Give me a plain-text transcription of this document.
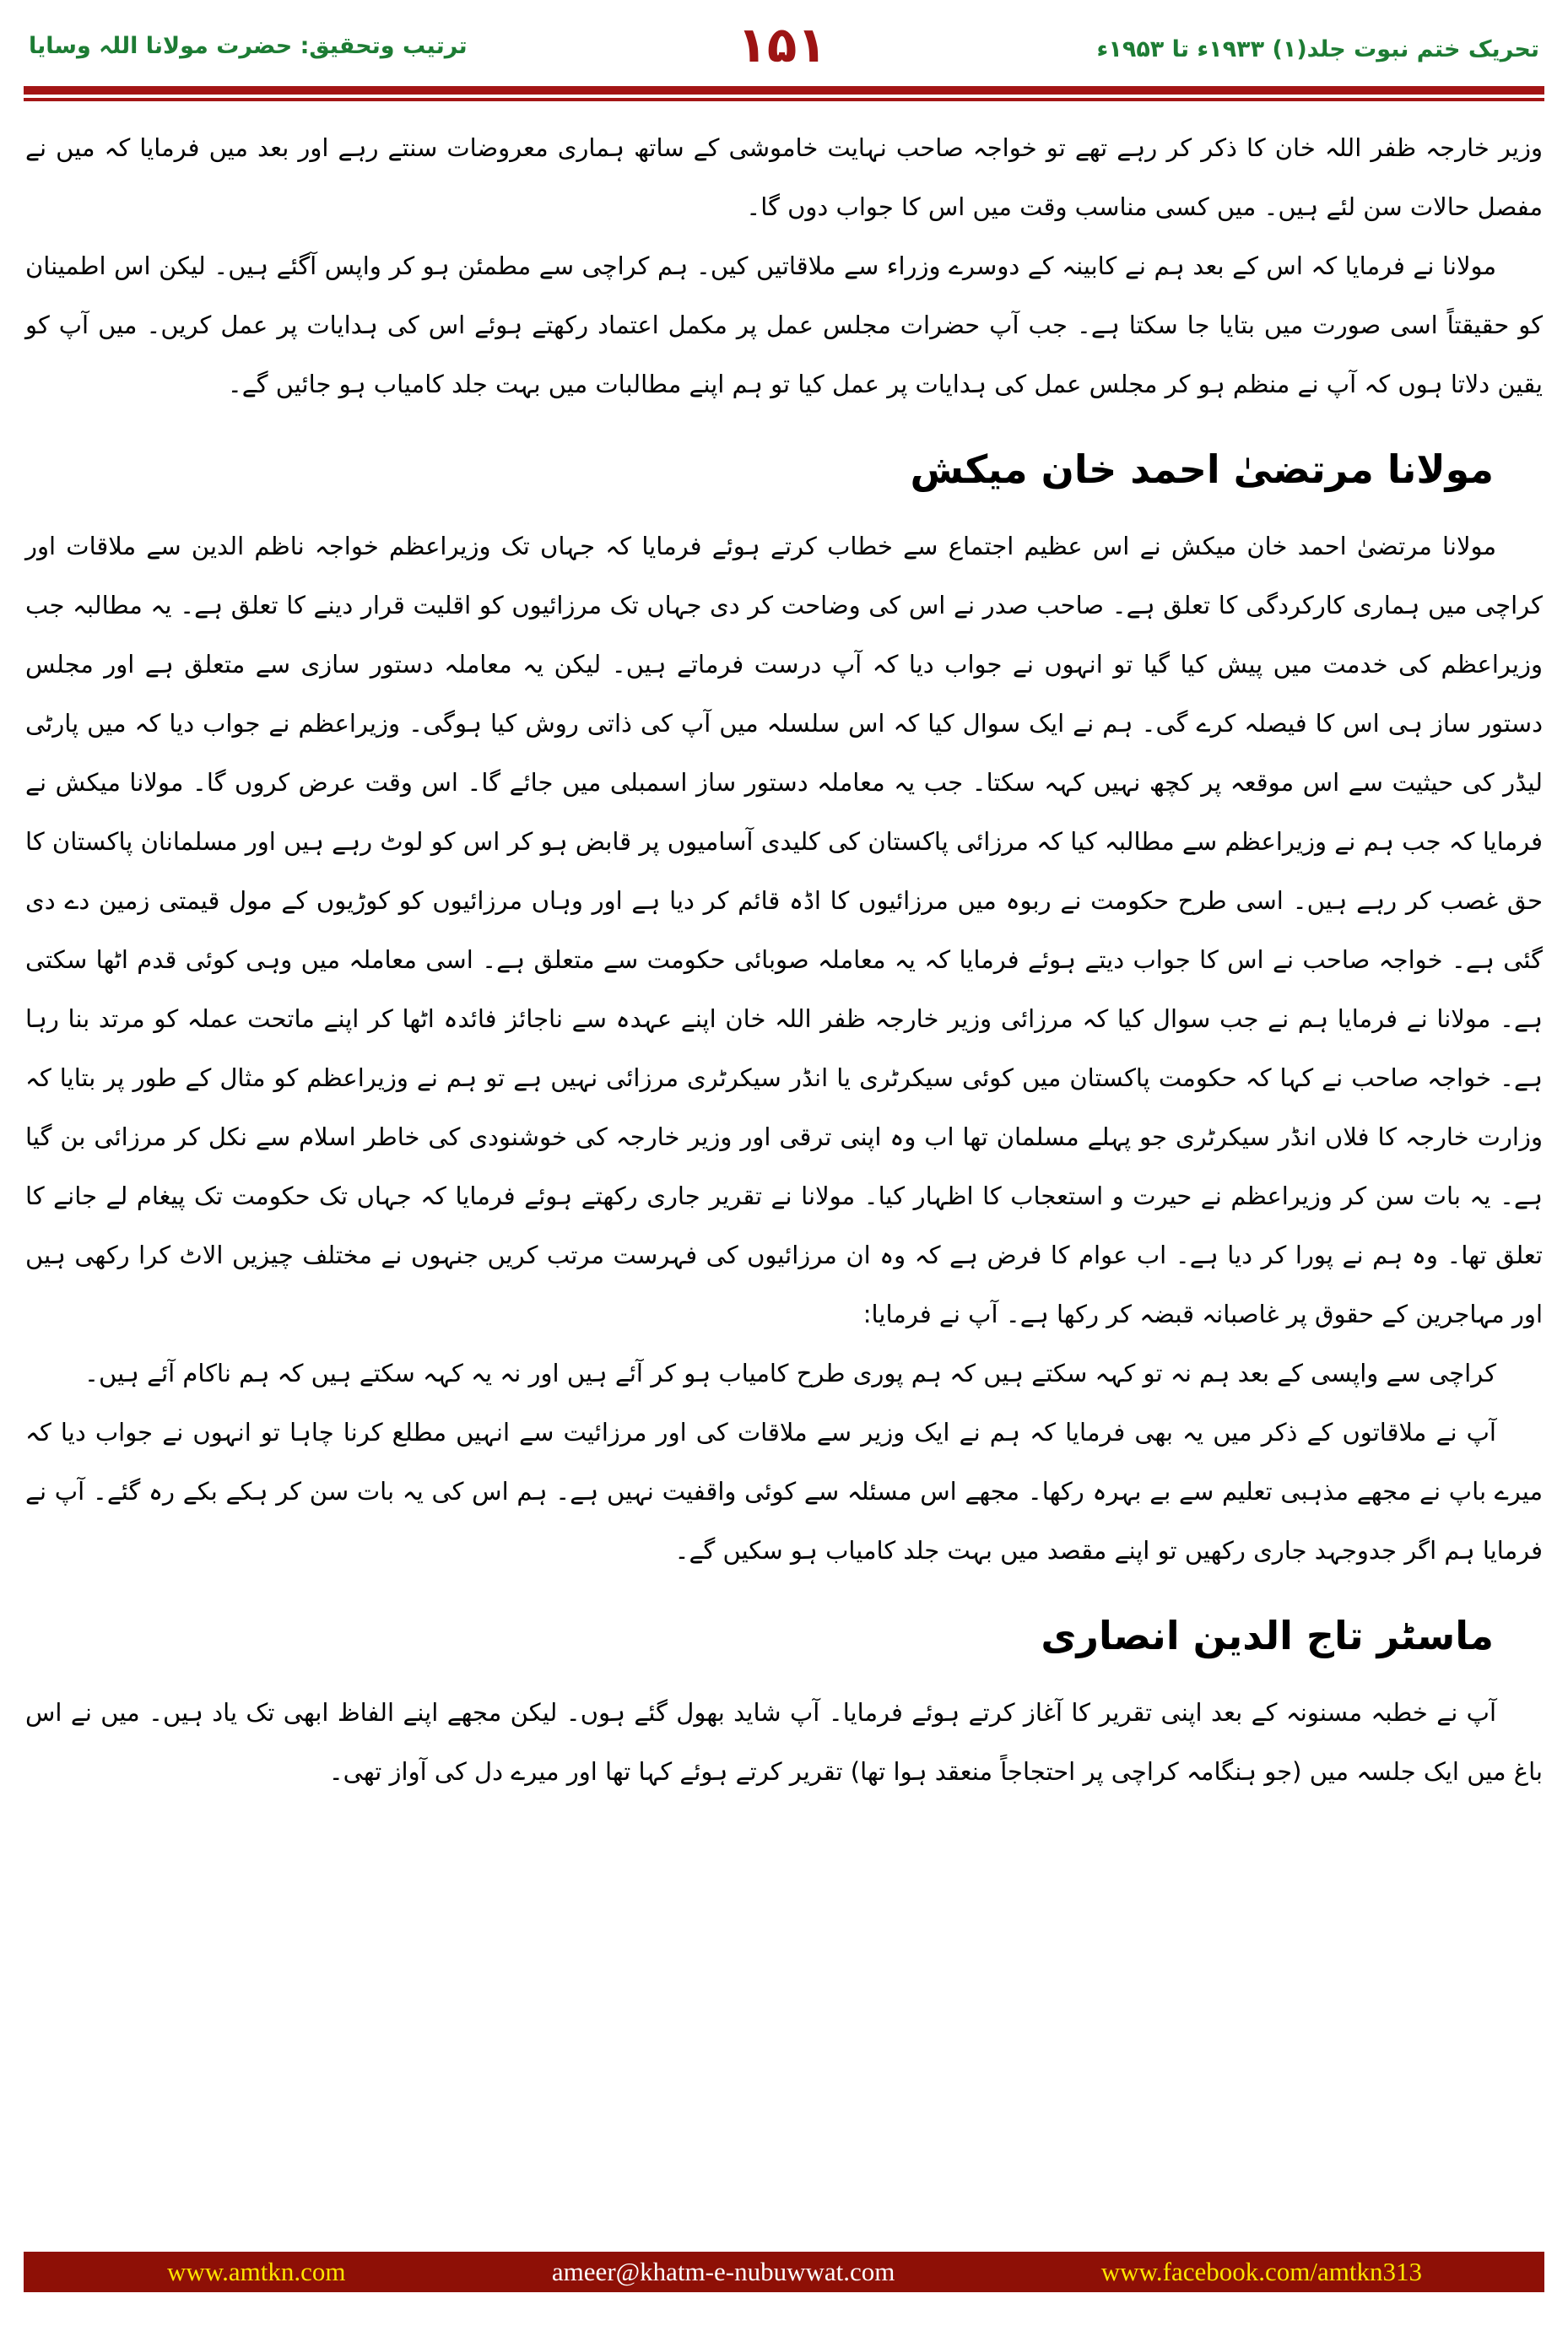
ترتیب وتحقیق: حضرت مولانا اللہ وسایا	۱۵۱	تحریک ختم نبوت جلد(۱) ۱۹۳۳ء تا ۱۹۵۳ء

وزیر خارجہ ظفر اللہ خان کا ذکر کر رہے تھے تو خواجہ صاحب نہایت خاموشی کے ساتھ ہماری معروضات سنتے رہے اور بعد میں فرمایا کہ میں نے مفصل حالات سن لئے ہیں۔ میں کسی مناسب وقت میں اس کا جواب دوں گا۔

مولانا نے فرمایا کہ اس کے بعد ہم نے کابینہ کے دوسرے وزراء سے ملاقاتیں کیں۔ ہم کراچی سے مطمئن ہو کر واپس آگئے ہیں۔ لیکن اس اطمینان کو حقیقتاً اسی صورت میں بتایا جا سکتا ہے۔ جب آپ حضرات مجلس عمل پر مکمل اعتماد رکھتے ہوئے اس کی ہدایات پر عمل کریں۔ میں آپ کو یقین دلاتا ہوں کہ آپ نے منظم ہو کر مجلس عمل کی ہدایات پر عمل کیا تو ہم اپنے مطالبات میں بہت جلد کامیاب ہو جائیں گے۔

مولانا مرتضیٰ احمد خان میکش

مولانا مرتضیٰ احمد خان میکش نے اس عظیم اجتماع سے خطاب کرتے ہوئے فرمایا کہ جہاں تک وزیراعظم خواجہ ناظم الدین سے ملاقات اور کراچی میں ہماری کارکردگی کا تعلق ہے۔ صاحب صدر نے اس کی وضاحت کر دی جہاں تک مرزائیوں کو اقلیت قرار دینے کا تعلق ہے۔ یہ مطالبہ جب وزیراعظم کی خدمت میں پیش کیا گیا تو انہوں نے جواب دیا کہ آپ درست فرماتے ہیں۔ لیکن یہ معاملہ دستور سازی سے متعلق ہے اور مجلس دستور ساز ہی اس کا فیصلہ کرے گی۔ ہم نے ایک سوال کیا کہ اس سلسلہ میں آپ کی ذاتی روش کیا ہوگی۔ وزیراعظم نے جواب دیا کہ میں پارٹی لیڈر کی حیثیت سے اس موقعہ پر کچھ نہیں کہہ سکتا۔ جب یہ معاملہ دستور ساز اسمبلی میں جائے گا۔ اس وقت عرض کروں گا۔ مولانا میکش نے فرمایا کہ جب ہم نے وزیراعظم سے مطالبہ کیا کہ مرزائی پاکستان کی کلیدی آسامیوں پر قابض ہو کر اس کو لوٹ رہے ہیں اور مسلمانان پاکستان کا حق غصب کر رہے ہیں۔ اسی طرح حکومت نے ربوہ میں مرزائیوں کا اڈہ قائم کر دیا ہے اور وہاں مرزائیوں کو کوڑیوں کے مول قیمتی زمین دے دی گئی ہے۔ خواجہ صاحب نے اس کا جواب دیتے ہوئے فرمایا کہ یہ معاملہ صوبائی حکومت سے متعلق ہے۔ اسی معاملہ میں وہی کوئی قدم اٹھا سکتی ہے۔ مولانا نے فرمایا ہم نے جب سوال کیا کہ مرزائی وزیر خارجہ ظفر اللہ خان اپنے عہدہ سے ناجائز فائدہ اٹھا کر اپنے ماتحت عملہ کو مرتد بنا رہا ہے۔ خواجہ صاحب نے کہا کہ حکومت پاکستان میں کوئی سیکرٹری یا انڈر سیکرٹری مرزائی نہیں ہے تو ہم نے وزیراعظم کو مثال کے طور پر بتایا کہ وزارت خارجہ کا فلاں انڈر سیکرٹری جو پہلے مسلمان تھا اب وہ اپنی ترقی اور وزیر خارجہ کی خوشنودی کی خاطر اسلام سے نکل کر مرزائی بن گیا ہے۔ یہ بات سن کر وزیراعظم نے حیرت و استعجاب کا اظہار کیا۔ مولانا نے تقریر جاری رکھتے ہوئے فرمایا کہ جہاں تک حکومت تک پیغام لے جانے کا تعلق تھا۔ وہ ہم نے پورا کر دیا ہے۔ اب عوام کا فرض ہے کہ وہ ان مرزائیوں کی فہرست مرتب کریں جنہوں نے مختلف چیزیں الاٹ کرا رکھی ہیں اور مہاجرین کے حقوق پر غاصبانہ قبضہ کر رکھا ہے۔ آپ نے فرمایا:

کراچی سے واپسی کے بعد ہم نہ تو کہہ سکتے ہیں کہ ہم پوری طرح کامیاب ہو کر آئے ہیں اور نہ یہ کہہ سکتے ہیں کہ ہم ناکام آئے ہیں۔

آپ نے ملاقاتوں کے ذکر میں یہ بھی فرمایا کہ ہم نے ایک وزیر سے ملاقات کی اور مرزائیت سے انہیں مطلع کرنا چاہا تو انہوں نے جواب دیا کہ میرے باپ نے مجھے مذہبی تعلیم سے بے بہرہ رکھا۔ مجھے اس مسئلہ سے کوئی واقفیت نہیں ہے۔ ہم اس کی یہ بات سن کر ہکے بکے رہ گئے۔ آپ نے فرمایا ہم اگر جدوجہد جاری رکھیں تو اپنے مقصد میں بہت جلد کامیاب ہو سکیں گے۔

ماسٹر تاج الدین انصاری

آپ نے خطبہ مسنونہ کے بعد اپنی تقریر کا آغاز کرتے ہوئے فرمایا۔ آپ شاید بھول گئے ہوں۔ لیکن مجھے اپنے الفاظ ابھی تک یاد ہیں۔ میں نے اس باغ میں ایک جلسہ میں (جو ہنگامہ کراچی پر احتجاجاً منعقد ہوا تھا) تقریر کرتے ہوئے کہا تھا اور میرے دل کی آواز تھی۔

www.amtkn.com	ameer@khatm-e-nubuwwat.com	www.facebook.com/amtkn313
